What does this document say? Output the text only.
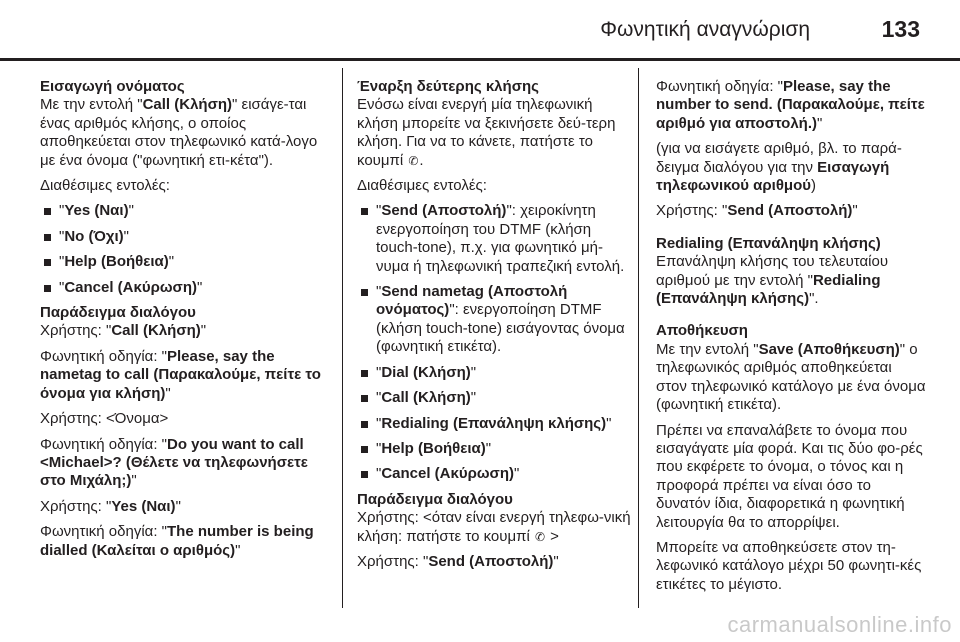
Φωνητική αναγνώριση	133
Εισαγωγή ονόματος

Με την εντολή "Call (Κλήση)" εισάγε-ται ένας αριθμός κλήσης, ο οποίος αποθηκεύεται στον τηλεφωνικό κατά-λογο με ένα όνομα ("φωνητική ετι-κέτα").

Διαθέσιμες εντολές:

"Yes (Ναι)"
"No (Όχι)"
"Help (Βοήθεια)"
"Cancel (Ακύρωση)"
Παράδειγμα διαλόγου

Χρήστης: "Call (Κλήση)"

Φωνητική οδηγία: "Please, say the nametag to call (Παρακαλούμε, πείτε το όνομα για κλήση)"

Χρήστης: <Όνομα>

Φωνητική οδηγία: "Do you want to call <Michael>? (Θέλετε να τηλεφωνήσετε στο Μιχάλη;)"

Χρήστης: "Yes (Ναι)"

Φωνητική οδηγία: "The number is being dialled (Καλείται ο αριθμός)"

Έναρξη δεύτερης κλήσης

Ενόσω είναι ενεργή μία τηλεφωνική κλήση μπορείτε να ξεκινήσετε δεύ-τερη κλήση. Για να το κάνετε, πατήστε το κουμπί ✆.

Διαθέσιμες εντολές:

"Send (Αποστολή)": χειροκίνητη ενεργοποίηση του DTMF (κλήση touch-tone), π.χ. για φωνητικό μή-νυμα ή τηλεφωνική τραπεζική εντολή.
"Send nametag (Αποστολή ονόματος)": ενεργοποίηση DTMF (κλήση touch-tone) εισάγοντας όνομα (φωνητική ετικέτα).
"Dial (Κλήση)"
"Call (Κλήση)"
"Redialing (Επανάληψη κλήσης)"
"Help (Βοήθεια)"
"Cancel (Ακύρωση)"
Παράδειγμα διαλόγου

Χρήστης: <όταν είναι ενεργή τηλεφω-νική κλήση: πατήστε το κουμπί ✆ >

Χρήστης: "Send (Αποστολή)"

Φωνητική οδηγία: "Please, say the number to send. (Παρακαλούμε, πείτε αριθμό για αποστολή.)"

(για να εισάγετε αριθμό, βλ. το παρά-δειγμα διαλόγου για την Εισαγωγή τηλεφωνικού αριθμού)

Χρήστης: "Send (Αποστολή)"

Redialing (Επανάληψη κλήσης)

Επανάληψη κλήσης του τελευταίου αριθμού με την εντολή "Redialing (Επανάληψη κλήσης)".

Αποθήκευση

Με την εντολή "Save (Αποθήκευση)" ο τηλεφωνικός αριθμός αποθηκεύεται στον τηλεφωνικό κατάλογο με ένα όνομα (φωνητική ετικέτα).

Πρέπει να επαναλάβετε το όνομα που εισαγάγατε μία φορά. Και τις δύο φο-ρές που εκφέρετε το όνομα, ο τόνος και η προφορά πρέπει να είναι όσο το δυνατόν ίδια, διαφορετικά η φωνητική λειτουργία θα το απορρίψει.

Μπορείτε να αποθηκεύσετε στον τη-λεφωνικό κατάλογο μέχρι 50 φωνητι-κές ετικέτες το μέγιστο.

carmanualsonline.info
